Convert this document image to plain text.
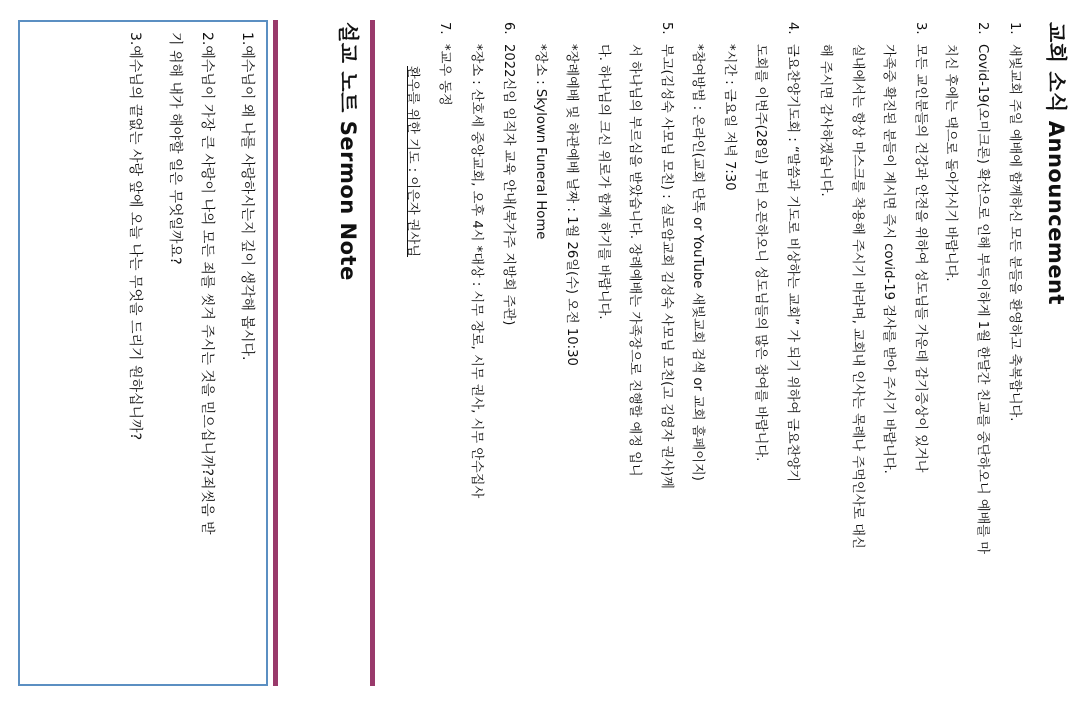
교회 소식 Announcement
1.
새빛교회 주일 예배에 함께하신 모든 분들을 환영하고 축복합니다.
2.
Covid-19(오미크론) 확산으로 인해 부득이하게 1월 한달간 친교를 중단하오니 예배를 마
치신 후에는 댁으로 돌아가시기 바랍니다.
3.
모든 교인분들의 건강과 안전을 위하여 성도님들 가운데 감기증상이 있거나
가족중 확진된 분들이 계시면 즉시 covid-19 검사를 받아 주시기 바랍니다.
실내에서는 항상 마스크를 착용해 주시기 바라며, 교회내 인사는 목례나 주먹인사로 대신
해 주시면 감사하겠습니다.
4.
금요찬양기도회 : “말씀과 기도로 비상하는 교회” 가 되기 위하여 금요찬양기
도회를 이번주(28일) 부터 오픈하오니 성도님들의 많은 참여를 바랍니다.
*시간 : 금요일 저녁 7:30
*참여방법 : 온라인(교회 단톡 or YouTube 새빛교회 검색 or 교회 홈페이지)
5.
부고(김성숙 사모님 모친) : 실로암교회 김성숙 사모님 모친(고 김영자 권사)께
서 하나님의 부르심을 받았습니다. 장례예배는 가족장으로 진행할 예정 입니
다. 하나님의 크신 위로가 함께 하기를 바랍니다.
*장례예배 및 하관예배 날짜 : 1월 26일(수) 오전 10:30
*장소 : Skylown Funeral Home
6.
2022신임 임직자 교육 안내(북가주 지방회 주관)
*장소 : 산호세 중앙교회, 오후 4시 *대상 : 시무 장로, 시무 권사, 시무 안수집사
7.
*교우 동정
환우를 위한 기도 : 이은자 권사님
설교 노트 Sermon Note
1.예수님이 왜 나를 사랑하시는지 깊이 생각해 봅시다.
2.예수님이 가장 큰 사랑이 나의 모든 죄를 씻겨 주시는 것을 믿으십니까?죄씻음 받
기 위해 내가 해야할 일은 무엇일까요?
3.예수님의 끝없는 사랑 앞에 오늘 나는 무엇을 드리기 원하십니까?
